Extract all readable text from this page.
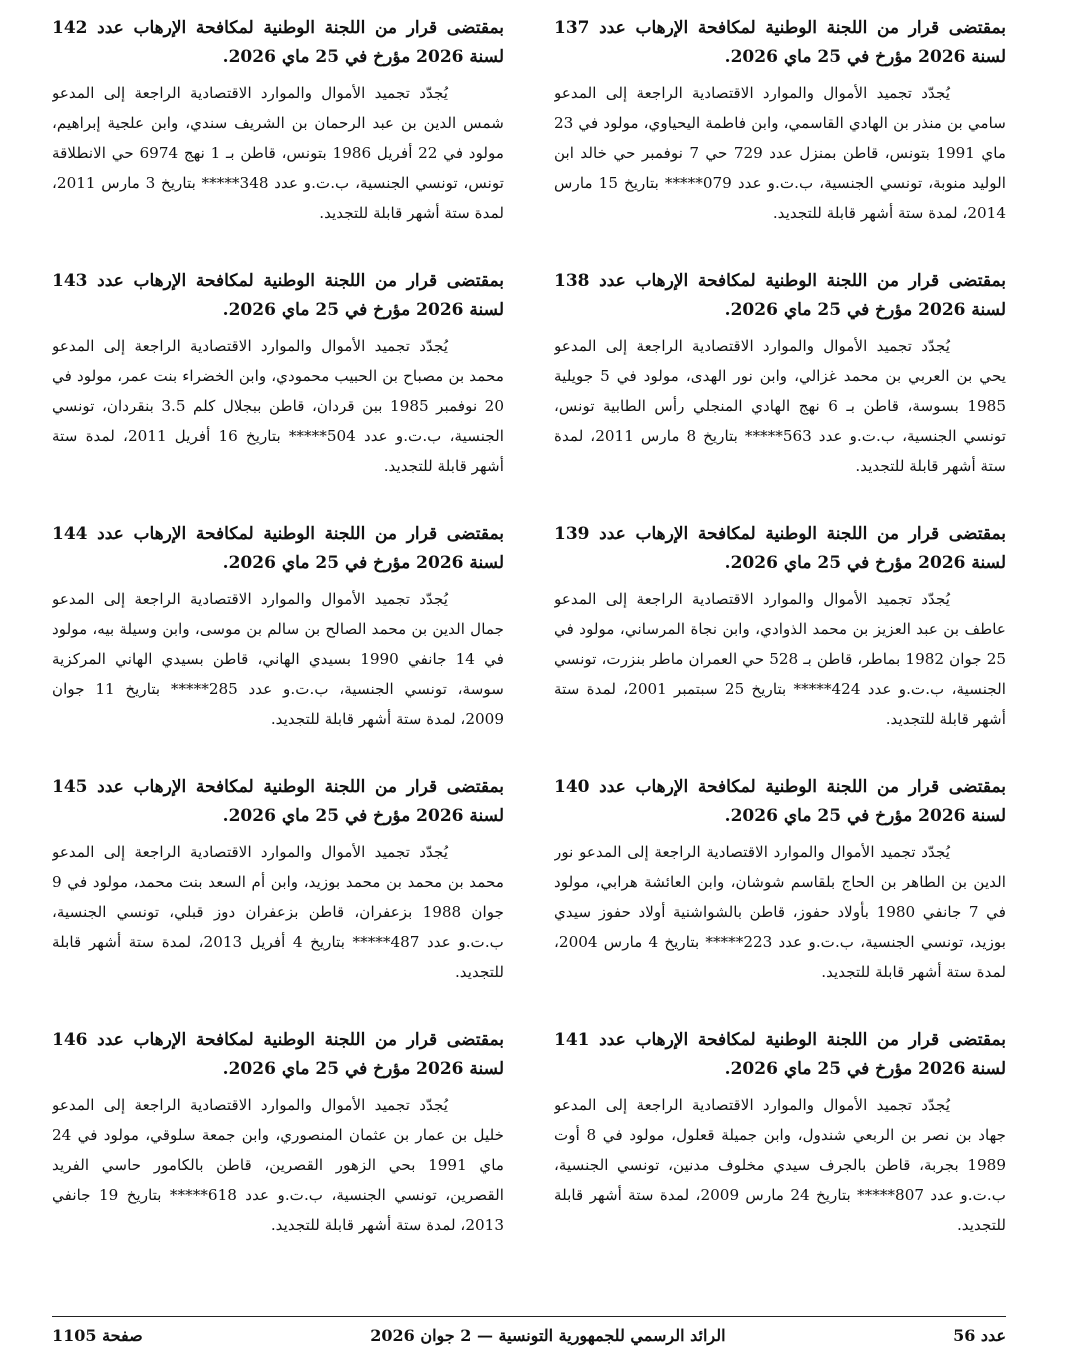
بمقتضى قرار من اللجنة الوطنية لمكافحة الإرهاب عدد 137 لسنة 2026 مؤرخ في 25 ماي 2026.

يُجدّد تجميد الأموال والموارد الاقتصادية الراجعة إلى المدعو سامي بن منذر بن الهادي القاسمي، وابن فاطمة اليحياوي، مولود في 23 ماي 1991 بتونس، قاطن بمنزل عدد 729 حي 7 نوفمبر حي خالد ابن الوليد منوبة، تونسي الجنسية، ب.ت.و عدد 079***** بتاريخ 15 مارس 2014، لمدة ستة أشهر قابلة للتجديد.

بمقتضى قرار من اللجنة الوطنية لمكافحة الإرهاب عدد 138 لسنة 2026 مؤرخ في 25 ماي 2026.

يُجدّد تجميد الأموال والموارد الاقتصادية الراجعة إلى المدعو يحي بن العربي بن محمد غزالي، وابن نور الهدى، مولود في 5 جويلية 1985 بسوسة، قاطن بـ 6 نهج الهادي المنجلي رأس الطابية تونس، تونسي الجنسية، ب.ت.و عدد 563***** بتاريخ 8 مارس 2011، لمدة ستة أشهر قابلة للتجديد.

بمقتضى قرار من اللجنة الوطنية لمكافحة الإرهاب عدد 139 لسنة 2026 مؤرخ في 25 ماي 2026.

يُجدّد تجميد الأموال والموارد الاقتصادية الراجعة إلى المدعو عاطف بن عبد العزيز بن محمد الذوادي، وابن نجاة المرساني، مولود في 25 جوان 1982 بماطر، قاطن بـ 528 حي العمران ماطر بنزرت، تونسي الجنسية، ب.ت.و عدد 424***** بتاريخ 25 سبتمبر 2001، لمدة ستة أشهر قابلة للتجديد.

بمقتضى قرار من اللجنة الوطنية لمكافحة الإرهاب عدد 140 لسنة 2026 مؤرخ في 25 ماي 2026.

يُجدّد تجميد الأموال والموارد الاقتصادية الراجعة إلى المدعو نور الدين بن الطاهر بن الحاج بلقاسم شوشان، وابن العائشة هرابي، مولود في 7 جانفي 1980 بأولاد حفوز، قاطن بالشواشنية أولاد حفوز سيدي بوزيد، تونسي الجنسية، ب.ت.و عدد 223***** بتاريخ 4 مارس 2004، لمدة ستة أشهر قابلة للتجديد.

بمقتضى قرار من اللجنة الوطنية لمكافحة الإرهاب عدد 141 لسنة 2026 مؤرخ في 25 ماي 2026.

يُجدّد تجميد الأموال والموارد الاقتصادية الراجعة إلى المدعو جهاد بن نصر بن الربعي شندول، وابن جميلة قعلول، مولود في 8 أوت 1989 بجربة، قاطن بالجرف سيدي مخلوف مدنين، تونسي الجنسية، ب.ت.و عدد 807***** بتاريخ 24 مارس 2009، لمدة ستة أشهر قابلة للتجديد.

بمقتضى قرار من اللجنة الوطنية لمكافحة الإرهاب عدد 142 لسنة 2026 مؤرخ في 25 ماي 2026.

يُجدّد تجميد الأموال والموارد الاقتصادية الراجعة إلى المدعو شمس الدين بن عبد الرحمان بن الشريف سندي، وابن علجية إبراهيم، مولود في 22 أفريل 1986 بتونس، قاطن بـ 1 نهج 6974 حي الانطلاقة تونس، تونسي الجنسية، ب.ت.و عدد 348***** بتاريخ 3 مارس 2011، لمدة ستة أشهر قابلة للتجديد.

بمقتضى قرار من اللجنة الوطنية لمكافحة الإرهاب عدد 143 لسنة 2026 مؤرخ في 25 ماي 2026.

يُجدّد تجميد الأموال والموارد الاقتصادية الراجعة إلى المدعو محمد بن مصباح بن الحبيب محمودي، وابن الخضراء بنت عمر، مولود في 20 نوفمبر 1985 ببن قردان، قاطن ببجلال كلم 3.5 بنقردان، تونسي الجنسية، ب.ت.و عدد 504***** بتاريخ 16 أفريل 2011، لمدة ستة أشهر قابلة للتجديد.

بمقتضى قرار من اللجنة الوطنية لمكافحة الإرهاب عدد 144 لسنة 2026 مؤرخ في 25 ماي 2026.

يُجدّد تجميد الأموال والموارد الاقتصادية الراجعة إلى المدعو جمال الدين بن محمد الصالح بن سالم بن موسى، وابن وسيلة بيه، مولود في 14 جانفي 1990 بسيدي الهاني، قاطن بسيدي الهاني المركزية سوسة، تونسي الجنسية، ب.ت.و عدد 285***** بتاريخ 11 جوان 2009، لمدة ستة أشهر قابلة للتجديد.

بمقتضى قرار من اللجنة الوطنية لمكافحة الإرهاب عدد 145 لسنة 2026 مؤرخ في 25 ماي 2026.

يُجدّد تجميد الأموال والموارد الاقتصادية الراجعة إلى المدعو محمد بن محمد بن محمد بوزيد، وابن أم السعد بنت محمد، مولود في 9 جوان 1988 بزعفران، قاطن بزعفران دوز قبلي، تونسي الجنسية، ب.ت.و عدد 487***** بتاريخ 4 أفريل 2013، لمدة ستة أشهر قابلة للتجديد.

بمقتضى قرار من اللجنة الوطنية لمكافحة الإرهاب عدد 146 لسنة 2026 مؤرخ في 25 ماي 2026.

يُجدّد تجميد الأموال والموارد الاقتصادية الراجعة إلى المدعو خليل بن عمار بن عثمان المنصوري، وابن جمعة سلوقي، مولود في 24 ماي 1991 بحي الزهور القصرين، قاطن بالكامور حاسي الفريد القصرين، تونسي الجنسية، ب.ت.و عدد 618***** بتاريخ 19 جانفي 2013، لمدة ستة أشهر قابلة للتجديد.

عدد 56
الرائد الرسمي للجمهورية التونسية — 2 جوان 2026
صفحة 1105
